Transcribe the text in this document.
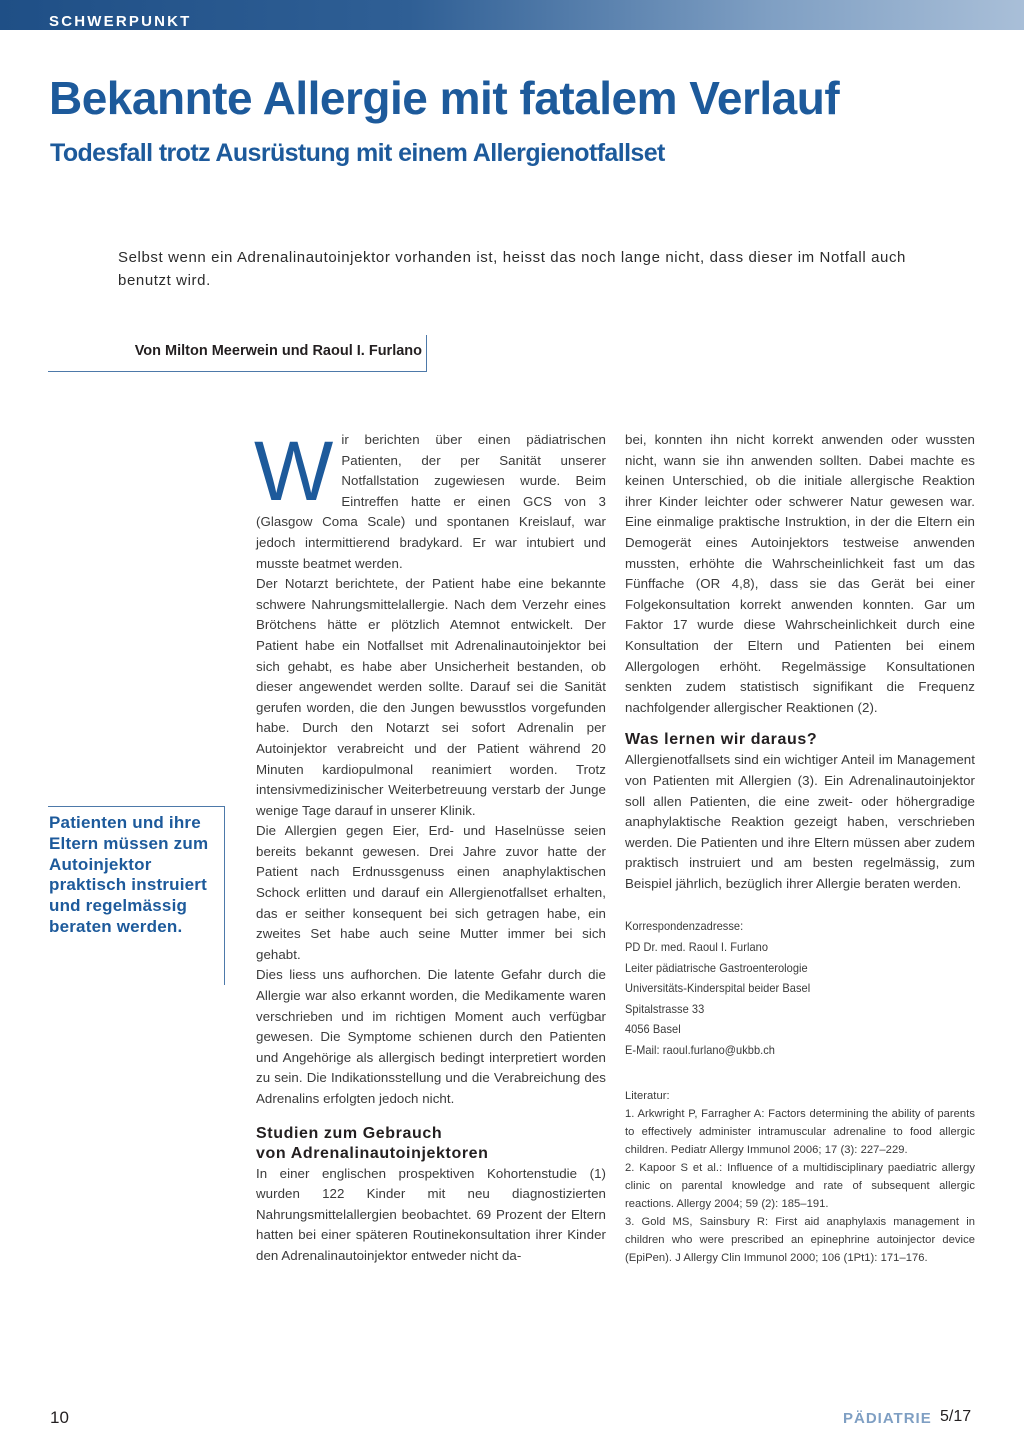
SCHWERPUNKT
Bekannte Allergie mit fatalem Verlauf
Todesfall trotz Ausrüstung mit einem Allergienotfallset

Selbst wenn ein Adrenalinautoinjektor vorhanden ist, heisst das noch lange nicht, dass dieser im Notfall auch benutzt wird.

Von Milton Meerwein und Raoul I. Furlano

Patienten und ihre Eltern müssen zum Autoinjektor praktisch instruiert und regelmässig beraten werden.

Wir berichten über einen pädiatrischen Patienten, der per Sanität unserer Notfallstation zugewiesen wurde. Beim Eintreffen hatte er einen GCS von 3 (Glasgow Coma Scale) und spontanen Kreislauf, war jedoch intermittierend bradykard. Er war intubiert und musste beatmet werden.

Der Notarzt berichtete, der Patient habe eine bekannte schwere Nahrungsmittelallergie. Nach dem Verzehr eines Brötchens hätte er plötzlich Atemnot entwickelt. Der Patient habe ein Notfallset mit Adrenalinautoinjektor bei sich gehabt, es habe aber Unsicherheit bestanden, ob dieser angewendet werden sollte. Darauf sei die Sanität gerufen worden, die den Jungen bewusstlos vorgefunden habe. Durch den Notarzt sei sofort Adrenalin per Autoinjektor verabreicht und der Patient während 20 Minuten kardiopulmonal reanimiert worden. Trotz intensivmedizinischer Weiterbetreuung verstarb der Junge wenige Tage darauf in unserer Klinik.

Die Allergien gegen Eier, Erd- und Haselnüsse seien bereits bekannt gewesen. Drei Jahre zuvor hatte der Patient nach Erdnussgenuss einen anaphylaktischen Schock erlitten und darauf ein Allergienotfallset erhalten, das er seither konsequent bei sich getragen habe, ein zweites Set habe auch seine Mutter immer bei sich gehabt.

Dies liess uns aufhorchen. Die latente Gefahr durch die Allergie war also erkannt worden, die Medikamente waren verschrieben und im richtigen Moment auch verfügbar gewesen. Die Symptome schienen durch den Patienten und Angehörige als allergisch bedingt interpretiert worden zu sein. Die Indikationsstellung und die Verabreichung des Adrenalins erfolgten jedoch nicht.

Studien zum Gebrauch
von Adrenalinautoinjektoren

In einer englischen prospektiven Kohortenstudie (1) wurden 122 Kinder mit neu diagnostizierten Nahrungsmittelallergien beobachtet. 69 Prozent der Eltern hatten bei einer späteren Routinekonsultation ihrer Kinder den Adrenalinautoinjektor entweder nicht da-

bei, konnten ihn nicht korrekt anwenden oder wussten nicht, wann sie ihn anwenden sollten. Dabei machte es keinen Unterschied, ob die initiale allergische Reaktion ihrer Kinder leichter oder schwerer Natur gewesen war. Eine einmalige praktische Instruktion, in der die Eltern ein Demogerät eines Autoinjektors testweise anwenden mussten, erhöhte die Wahrscheinlichkeit fast um das Fünffache (OR 4,8), dass sie das Gerät bei einer Folgekonsultation korrekt anwenden konnten. Gar um Faktor 17 wurde diese Wahrscheinlichkeit durch eine Konsultation der Eltern und Patienten bei einem Allergologen erhöht. Regelmässige Konsultationen senkten zudem statistisch signifikant die Frequenz nachfolgender allergischer Reaktionen (2).

Was lernen wir daraus?

Allergienotfallsets sind ein wichtiger Anteil im Management von Patienten mit Allergien (3). Ein Adrenalinautoinjektor soll allen Patienten, die eine zweit- oder höhergradige anaphylaktische Reaktion gezeigt haben, verschrieben werden. Die Patienten und ihre Eltern müssen aber zudem praktisch instruiert und am besten regelmässig, zum Beispiel jährlich, bezüglich ihrer Allergie beraten werden.

Korrespondenzadresse:
PD Dr. med. Raoul I. Furlano
Leiter pädiatrische Gastroenterologie
Universitäts-Kinderspital beider Basel
Spitalstrasse 33
4056 Basel
E-Mail: raoul.furlano@ukbb.ch
Literatur:
1. Arkwright P, Farragher A: Factors determining the ability of parents to effectively administer intramuscular adrenaline to food allergic children. Pediatr Allergy Immunol 2006; 17 (3): 227–229.
2. Kapoor S et al.: Influence of a multidisciplinary paediatric allergy clinic on parental knowledge and rate of subsequent allergic reactions. Allergy 2004; 59 (2): 185–191.
3. Gold MS, Sainsbury R: First aid anaphylaxis management in children who were prescribed an epinephrine autoinjector device (EpiPen). J Allergy Clin Immunol 2000; 106 (1Pt1): 171–176.
10	PÄDIATRIE 5/17
